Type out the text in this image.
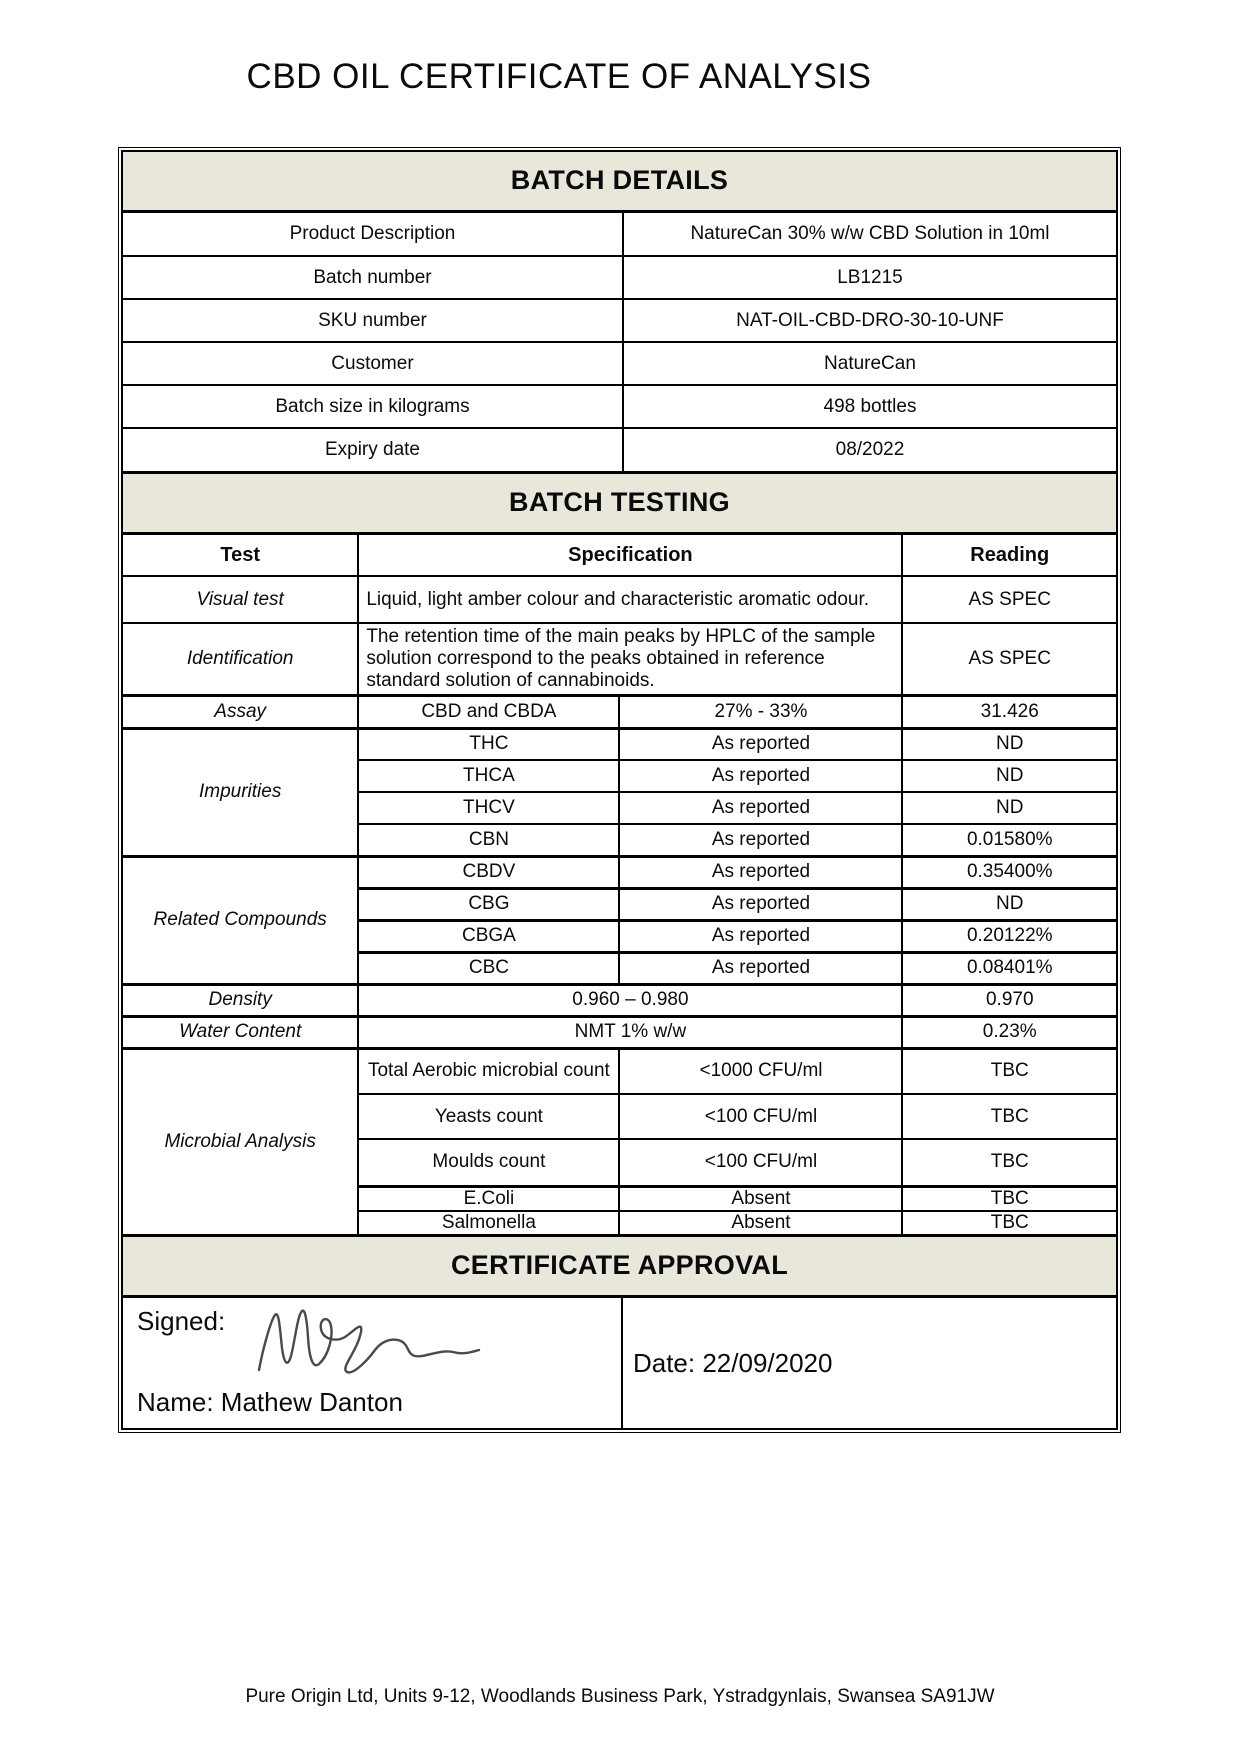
CBD OIL CERTIFICATE OF ANALYSIS
BATCH DETAILS
Product Description	NatureCan 30% w/w CBD Solution in 10ml
Batch number	LB1215
SKU number	NAT-OIL-CBD-DRO-30-10-UNF
Customer	NatureCan
Batch size in kilograms	498 bottles
Expiry date	08/2022
BATCH TESTING
Test	Specification		Reading
Visual test	Liquid, light amber colour and characteristic aromatic odour.		AS SPEC
Identification	The retention time of the main peaks by HPLC of the sample solution correspond to the peaks obtained in reference standard solution of cannabinoids.		AS SPEC
Assay	CBD and CBDA	27% - 33%	31.426
Impurities	THC	As reported	ND
	THCA	As reported	ND
	THCV	As reported	ND
	CBN	As reported	0.01580%
Related Compounds	CBDV	As reported	0.35400%
	CBG	As reported	ND
	CBGA	As reported	0.20122%
	CBC	As reported	0.08401%
Density	0.960 – 0.980		0.970
Water Content	NMT 1% w/w		0.23%
Microbial Analysis	Total Aerobic microbial count	<1000 CFU/ml	TBC
	Yeasts count	<100 CFU/ml	TBC
	Moulds count	<100 CFU/ml	TBC
	E.Coli	Absent	TBC
	Salmonella	Absent	TBC
CERTIFICATE APPROVAL
Signed:
Name: Mathew Danton
Date: 22/09/2020
Pure Origin Ltd, Units 9-12, Woodlands Business Park, Ystradgynlais, Swansea SA91JW
